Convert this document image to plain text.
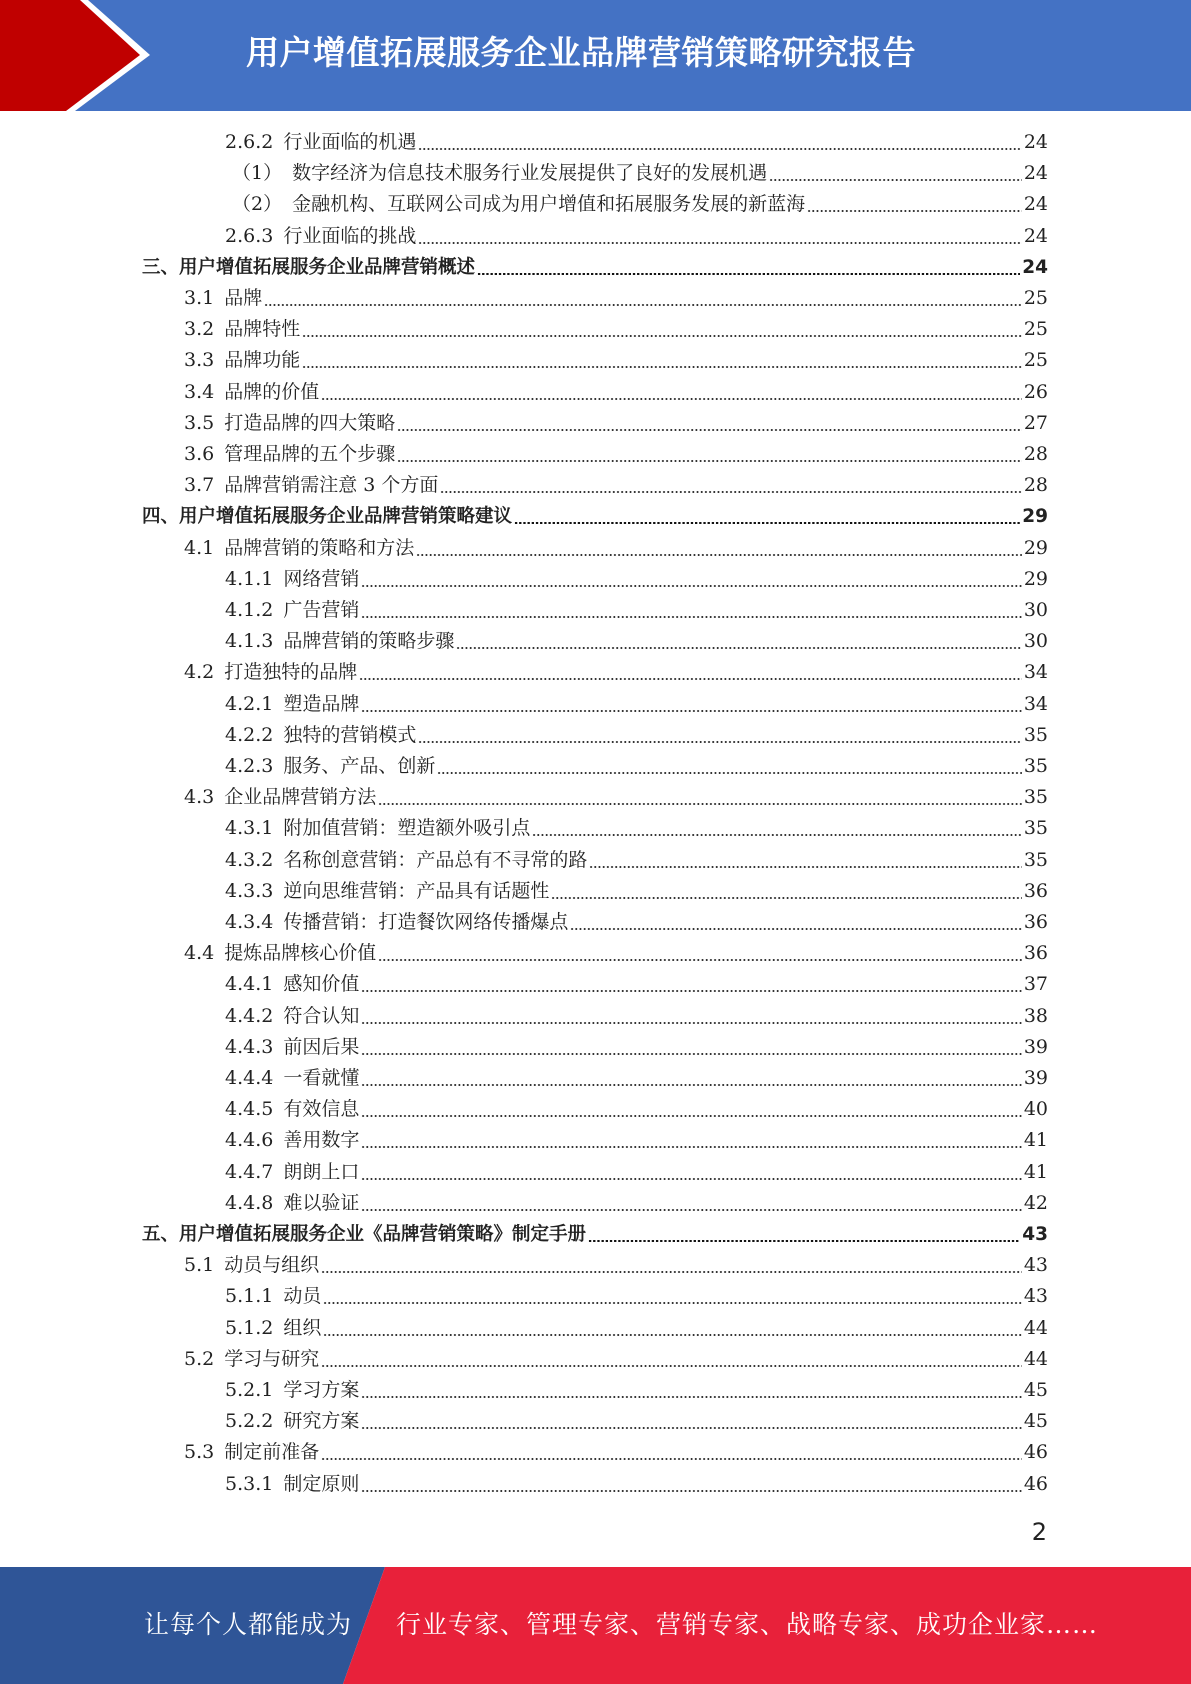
用户增值拓展服务企业品牌营销策略研究报告
2.6.2 行业面临的机遇	24
（1） 数字经济为信息技术服务行业发展提供了良好的发展机遇	24
（2） 金融机构、互联网公司成为用户增值和拓展服务发展的新蓝海	24
2.6.3 行业面临的挑战	24
三、用户增值拓展服务企业品牌营销概述	24
3.1 品牌	25
3.2 品牌特性	25
3.3 品牌功能	25
3.4 品牌的价值	26
3.5 打造品牌的四大策略	27
3.6 管理品牌的五个步骤	28
3.7 品牌营销需注意 3 个方面	28
四、用户增值拓展服务企业品牌营销策略建议	29
4.1 品牌营销的策略和方法	29
4.1.1 网络营销	29
4.1.2 广告营销	30
4.1.3 品牌营销的策略步骤	30
4.2 打造独特的品牌	34
4.2.1 塑造品牌	34
4.2.2 独特的营销模式	35
4.2.3 服务、产品、创新	35
4.3 企业品牌营销方法	35
4.3.1 附加值营销：塑造额外吸引点	35
4.3.2 名称创意营销：产品总有不寻常的路	35
4.3.3 逆向思维营销：产品具有话题性	36
4.3.4 传播营销：打造餐饮网络传播爆点	36
4.4 提炼品牌核心价值	36
4.4.1 感知价值	37
4.4.2 符合认知	38
4.4.3 前因后果	39
4.4.4 一看就懂	39
4.4.5 有效信息	40
4.4.6 善用数字	41
4.4.7 朗朗上口	41
4.4.8 难以验证	42
五、用户增值拓展服务企业《品牌营销策略》制定手册	43
5.1 动员与组织	43
5.1.1 动员	43
5.1.2 组织	44
5.2 学习与研究	44
5.2.1 学习方案	45
5.2.2 研究方案	45
5.3 制定前准备	46
5.3.1 制定原则	46
2
让每个人都能成为 行业专家、管理专家、营销专家、战略专家、成功企业家……
